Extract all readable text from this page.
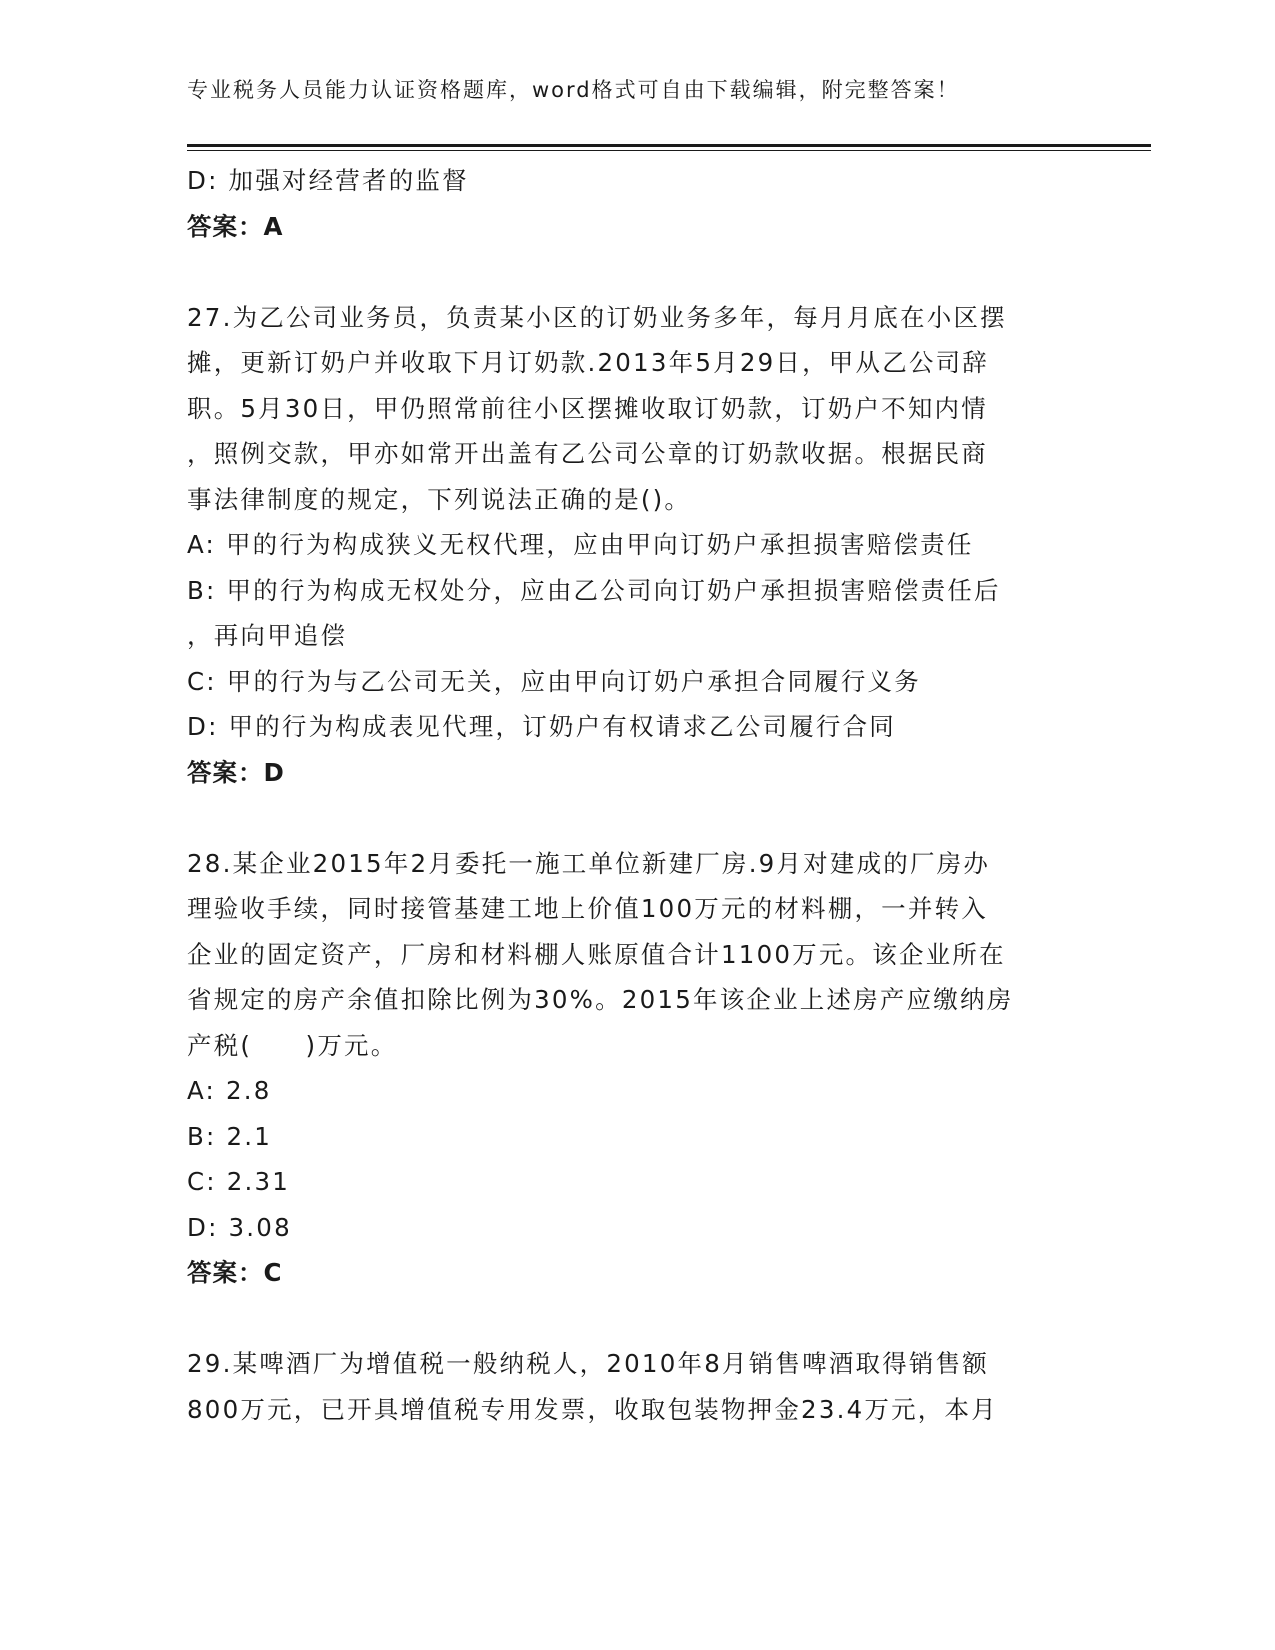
专业税务人员能力认证资格题库，word格式可自由下载编辑，附完整答案！
D: 加强对经营者的监督
答案：A
27.为乙公司业务员，负责某小区的订奶业务多年，每月月底在小区摆
摊，更新订奶户并收取下月订奶款.2013年5月29日，甲从乙公司辞
职。5月30日，甲仍照常前往小区摆摊收取订奶款，订奶户不知内情
，照例交款，甲亦如常开出盖有乙公司公章的订奶款收据。根据民商
事法律制度的规定，下列说法正确的是()。
A: 甲的行为构成狭义无权代理，应由甲向订奶户承担损害赔偿责任
B: 甲的行为构成无权处分，应由乙公司向订奶户承担损害赔偿责任后
，再向甲追偿
C: 甲的行为与乙公司无关，应由甲向订奶户承担合同履行义务
D: 甲的行为构成表见代理，订奶户有权请求乙公司履行合同
答案：D
28.某企业2015年2月委托一施工单位新建厂房.9月对建成的厂房办
理验收手续，同时接管基建工地上价值100万元的材料棚，一并转入
企业的固定资产，厂房和材料棚人账原值合计1100万元。该企业所在
省规定的房产余值扣除比例为30%。2015年该企业上述房产应缴纳房
产税(　　)万元。
A: 2.8
B: 2.1
C: 2.31
D: 3.08
答案：C
29.某啤酒厂为增值税一般纳税人，2010年8月销售啤酒取得销售额
800万元，已开具增值税专用发票，收取包装物押金23.4万元，本月
